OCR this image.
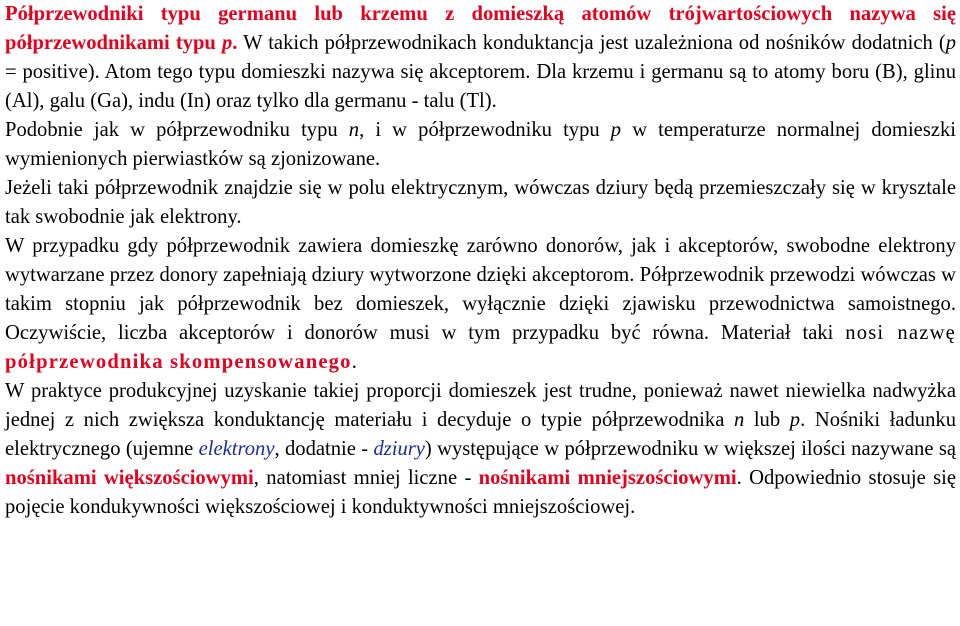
Półprzewodniki typu germanu lub krzemu z domieszką atomów trójwartościowych nazywa się półprzewodnikami typu p. W takich półprzewodnikach konduktancja jest uzależniona od nośników dodatnich (p = positive). Atom tego typu domieszki nazywa się akceptorem. Dla krzemu i germanu są to atomy boru (B), glinu (Al), galu (Ga), indu (In) oraz tylko dla germanu - talu (Tl).

Podobnie jak w półprzewodniku typu n, i w półprzewodniku typu p w temperaturze normalnej domieszki wymienionych pierwiastków są zjonizowane.

Jeżeli taki półprzewodnik znajdzie się w polu elektrycznym, wówczas dziury będą przemieszczały się w krysztale tak swobodnie jak elektrony.

W przypadku gdy półprzewodnik zawiera domieszkę zarówno donorów, jak i akceptorów, swobodne elektrony wytwarzane przez donory zapełniają dziury wytworzone dzięki akceptorom. Półprzewodnik przewodzi wówczas w takim stopniu jak półprzewodnik bez domieszek, wyłącznie dzięki zjawisku przewodnictwa samoistnego. Oczywiście, liczba akceptorów i donorów musi w tym przypadku być równa. Materiał taki nosi nazwę półprzewodnika skompensowanego.

W praktyce produkcyjnej uzyskanie takiej proporcji domieszek jest trudne, ponieważ nawet niewielka nadwyżka jednej z nich zwiększa konduktancję materiału i decyduje o typie półprzewodnika n lub p. Nośniki ładunku elektrycznego (ujemne elektrony, dodatnie - dziury) występujące w półprzewodniku w większej ilości nazywane są nośnikami większościowymi, natomiast mniej liczne - nośnikami mniejszościowymi. Odpowiednio stosuje się pojęcie kondukywności większościowej i konduktywności mniejszościowej.
